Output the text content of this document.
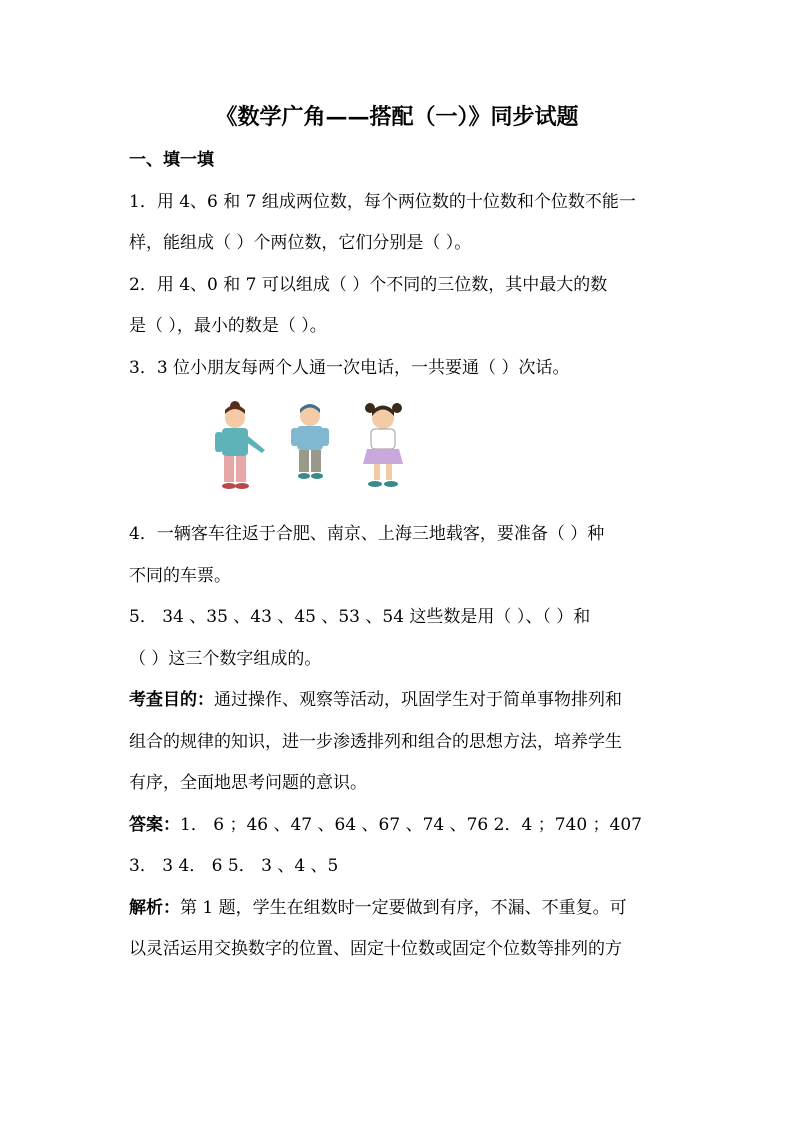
《数学广角——搭配（一）》同步试题
一、填一填
1．用 4、6 和 7 组成两位数，每个两位数的十位数和个位数不能一
样，能组成（ ）个两位数，它们分别是（ ）。
2．用 4、0 和 7 可以组成（ ）个不同的三位数，其中最大的数
是（ ），最小的数是（ ）。
3．3 位小朋友每两个人通一次电话，一共要通（ ）次话。
4．一辆客车往返于合肥、南京、上海三地载客，要准备（ ）种
不同的车票。
5． 34 、35 、43 、45 、53 、54 这些数是用（ ）、（ ）和
（ ）这三个数字组成的。
考查目的：通过操作、观察等活动，巩固学生对于简单事物排列和
组合的规律的知识，进一步渗透排列和组合的思想方法，培养学生
有序，全面地思考问题的意识。
答案：1． 6 ；46 、47 、64 、67 、74 、76 2．4 ；740 ；407
3． 3 4． 6 5． 3 、4 、5
解析：第 1 题，学生在组数时一定要做到有序，不漏、不重复。可
以灵活运用交换数字的位置、固定十位数或固定个位数等排列的方
